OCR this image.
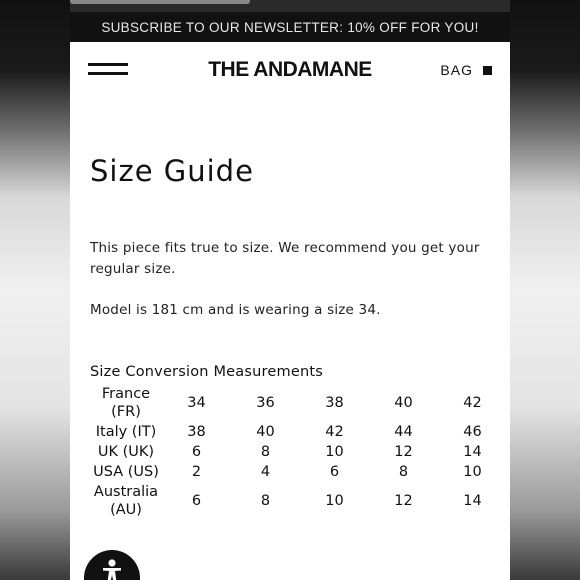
SUBSCRIBE TO OUR NEWSLETTER: 10% OFF FOR YOU!
THE ANDAMANE	BAG
Size Guide

This piece fits true to size. We recommend you get your regular size.

Model is 181 cm and is wearing a size 34.

Size Conversion Measurements
France (FR)	34	36	38	40	42
Italy (IT)	38	40	42	44	46
UK (UK)	6	8	10	12	14
USA (US)	2	4	6	8	10
Australia (AU)	6	8	10	12	14
